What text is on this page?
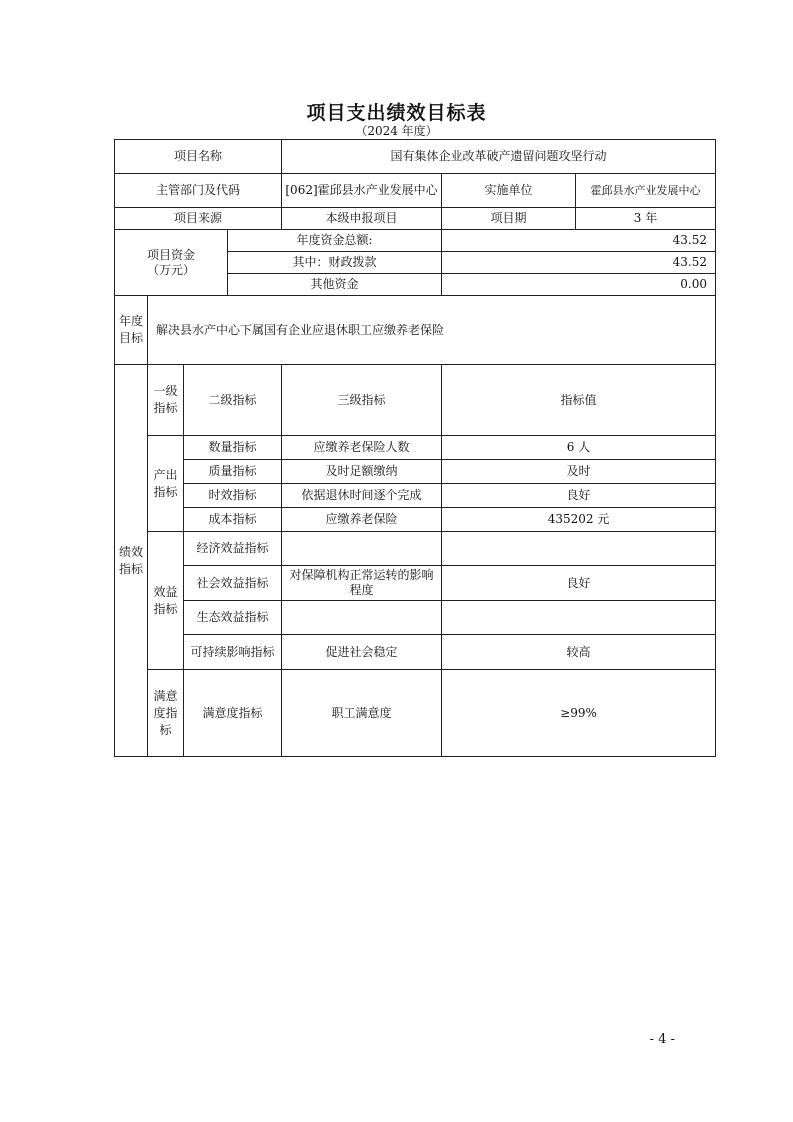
项目支出绩效目标表
（2024 年度）
项目名称				国有集体企业改革破产遗留问题攻坚行动		
主管部门及代码				[062]霍邱县水产业发展中心	实施单位	霍邱县水产业发展中心
项目来源				本级申报项目	项目期	3 年

项目资金
（万元）			年度资金总额:		43.52	
			其中：财政拨款		43.52	
			其他资金		0.00	
年度目标	解决县水产中心下属国有企业应退休职工应缴养老保险					
绩效指标	一级指标	二级指标		三级指标	指标值	
	产出指标	数量指标		应缴养老保险人数	6 人	
		质量指标		及时足额缴纳	及时	
		时效指标		依据退休时间逐个完成	良好	
		成本指标		应缴养老保险	435202 元	
	效益指标	经济效益指标				
		社会效益指标		对保障机构正常运转的影响程度	良好	
		生态效益指标				
		可持续影响指标		促进社会稳定	较高	
	满意度指标	满意度指标		职工满意度	≥99%	
- 4 -
